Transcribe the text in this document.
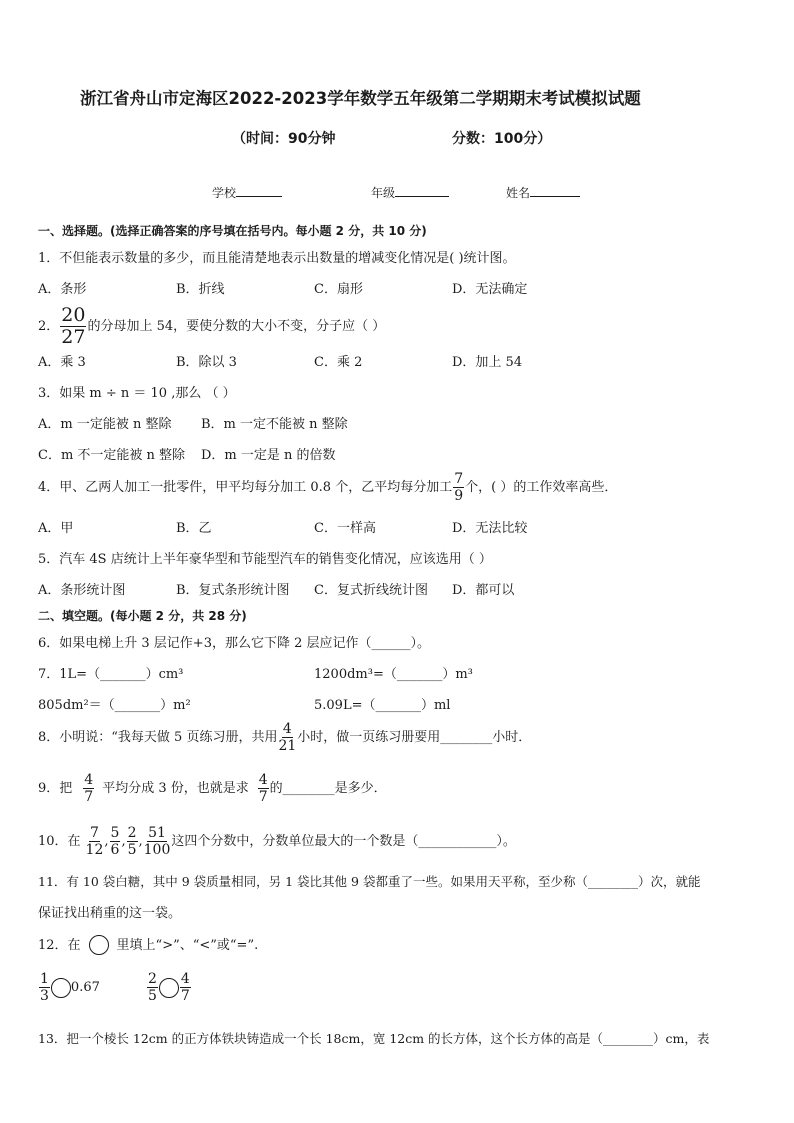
浙江省舟山市定海区2022-2023学年数学五年级第二学期期末考试模拟试题
（时间：90分钟	分数：100分）
学校	年级	姓名
一、选择题。(选择正确答案的序号填在括号内。每小题 2 分，共 10 分)
1．不但能表示数量的多少，而且能清楚地表示出数量的增减变化情况是( )统计图。
A．条形	B．折线	C．扇形	D．无法确定
2． $\frac{20}{27}$ 的分母加上 54，要使分数的大小不变，分子应（ ）
A．乘 3	B．除以 3	C．乘 2	D．加上 54
3．如果 m ÷ n ＝ 10 ,那么 （ ）
A．m 一定能被 n 整除 B．m 一定不能被 n 整除
C．m 不一定能被 n 整除 D．m 一定是 n 的倍数
4．甲、乙两人加工一批零件，甲平均每分加工 0.8 个，乙平均每分加工 $\frac{7}{9}$ 个，( ）的工作效率高些．
A．甲	B．乙	C．一样高	D．无法比较
5．汽车 4S 店统计上半年豪华型和节能型汽车的销售变化情况，应该选用（ ）
A．条形统计图	B．复式条形统计图 C．复式折线统计图 D．都可以
二、填空题。(每小题 2 分，共 28 分)
6．如果电梯上升 3 层记作+3，那么它下降 2 层应记作（______）。
7．1L=（_______）cm³	1200dm³=（_______）m³
805dm²＝（_______）m²	5.09L=（_______）ml
8．小明说：“我每天做 5 页练习册，共用 $\frac{4}{21}$ 小时，做一页练习册要用________小时．
9．把 $\frac{4}{7}$ 平均分成 3 份，也就是求 $\frac{4}{7}$ 的________是多少．
10．在 $\frac{7}{12}$ , $\frac{5}{6}$ , $\frac{2}{5}$ , $\frac{51}{100}$ 这四个分数中，分数单位最大的一个数是（____________）。
11．有 10 袋白糖，其中 9 袋质量相同，另 1 袋比其他 9 袋都重了一些。如果用天平称，至少称（________）次，就能
保证找出稍重的这一袋。
12．在	里填上“>”、“<”或“=”.
$\frac{1}{3} 0.67$	$\frac{2}{5} \frac{4}{7}$
13．把一个棱长 12cm 的正方体铁块铸造成一个长 18cm，宽 12cm 的长方体，这个长方体的高是（________）cm，表
